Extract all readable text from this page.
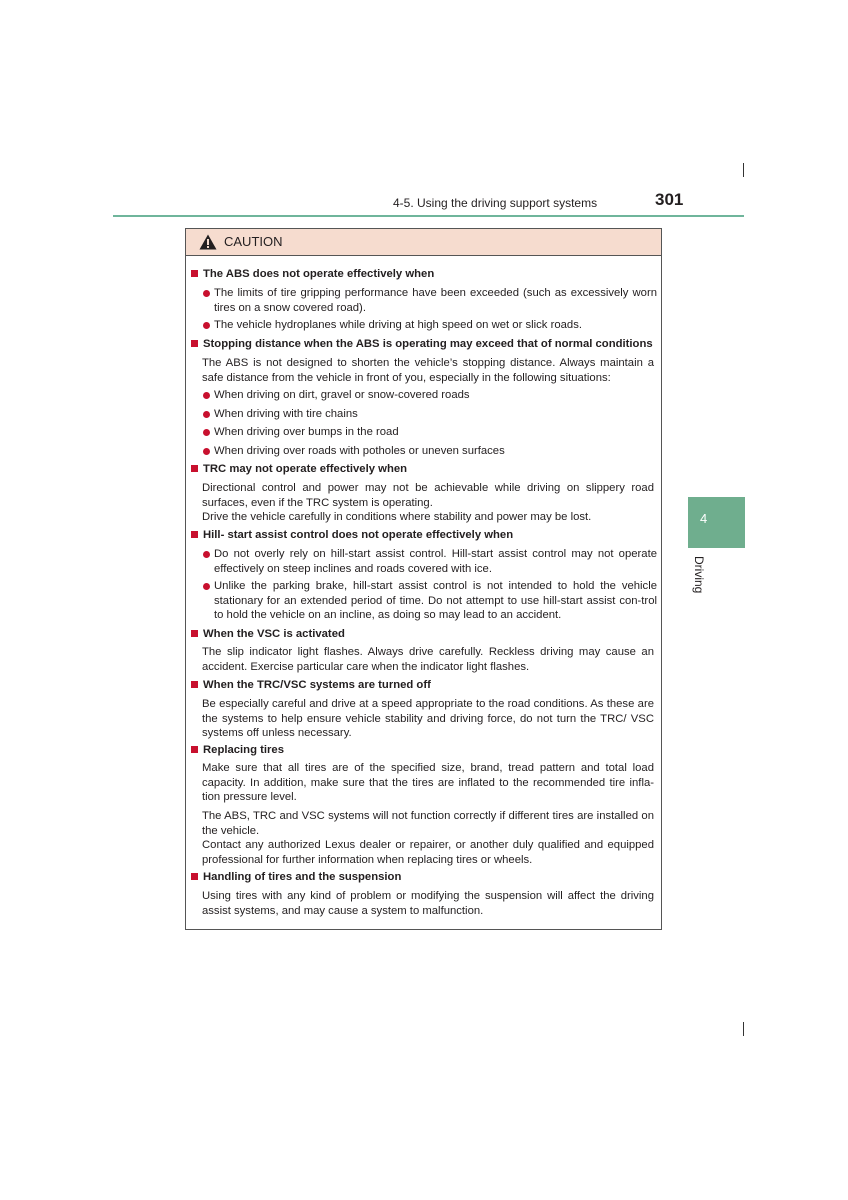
4-5. Using the driving support systems	301
4
Driving
CAUTION
The ABS does not operate effectively when
The limits of tire gripping performance have been exceeded (such as excessively worn tires on a snow covered road).
The vehicle hydroplanes while driving at high speed on wet or slick roads.
Stopping distance when the ABS is operating may exceed that of normal conditions
The ABS is not designed to shorten the vehicle’s stopping distance. Always maintain a safe distance from the vehicle in front of you, especially in the following situations:
When driving on dirt, gravel or snow-covered roads
When driving with tire chains
When driving over bumps in the road
When driving over roads with potholes or uneven surfaces
TRC may not operate effectively when
Directional control and power may not be achievable while driving on slippery road surfaces, even if the TRC system is operating.
Drive the vehicle carefully in conditions where stability and power may be lost.
Hill- start assist control does not operate effectively when
Do not overly rely on hill-start assist control. Hill-start assist control may not operate effectively on steep inclines and roads covered with ice.
Unlike the parking brake, hill-start assist control is not intended to hold the vehicle stationary for an extended period of time. Do not attempt to use hill-start assist con-trol to hold the vehicle on an incline, as doing so may lead to an accident.
When the VSC is activated
The slip indicator light flashes. Always drive carefully. Reckless driving may cause an accident. Exercise particular care when the indicator light flashes.
When the TRC/VSC systems are turned off
Be especially careful and drive at a speed appropriate to the road conditions. As these are the systems to help ensure vehicle stability and driving force, do not turn the TRC/ VSC systems off unless necessary.
Replacing tires
Make sure that all tires are of the specified size, brand, tread pattern and total load capacity. In addition, make sure that the tires are inflated to the recommended tire infla-tion pressure level.
The ABS, TRC and VSC systems will not function correctly if different tires are installed on the vehicle.
Contact any authorized Lexus dealer or repairer, or another duly qualified and equipped professional for further information when replacing tires or wheels.
Handling of tires and the suspension
Using tires with any kind of problem or modifying the suspension will affect the driving assist systems, and may cause a system to malfunction.
